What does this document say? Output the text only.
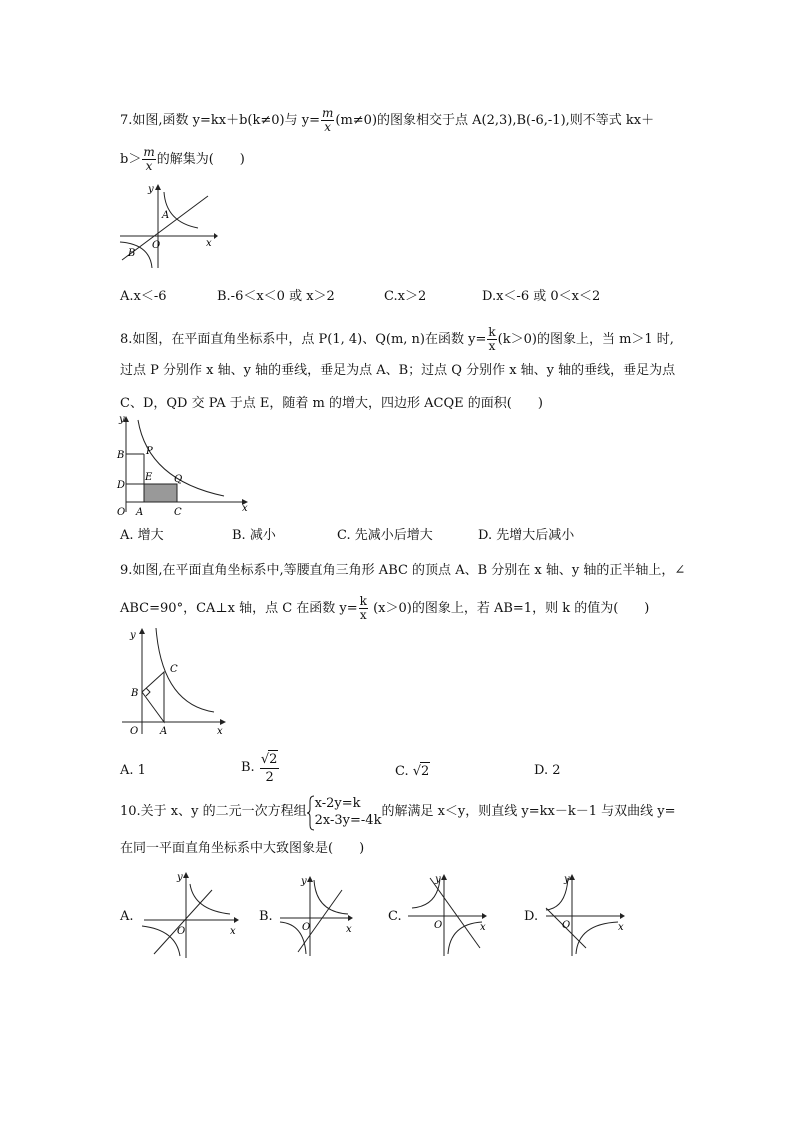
7.如图,函数 y=kx＋b(k≠0)与 $y= \frac{m}{x} (m\ne 0)$的图象相交于点 A(2,3),B(-6,-1),则不等式 kx＋
$b> \frac{m}{x}$ 的解集为(　　)
y
x
O
A
B
A.x＜-6	B.-6＜x＜0 或 x＞2	C.x＞2	D.x＜-6 或 0＜x＜2
8.如图，在平面直角坐标系中，点 P(1, 4)、Q(m, n)在函数 $y= \frac{k}{x} (k>0)$的图象上，当 m＞1 时,
过点 P 分别作 x 轴、y 轴的垂线，垂足为点 A、B；过点 Q 分别作 x 轴、y 轴的垂线，垂足为点
C、D，QD 交 PA 于点 E，随着 m 的增大，四边形 ACQE 的面积(　　)
y
x
O A
B
C
D
E
P
Q
A. 增大	B. 减小	C. 先减小后增大	D. 先增大后减小
9.如图,在平面直角坐标系中,等腰直角三角形 ABC 的顶点 A、B 分别在 x 轴、y 轴的正半轴上，∠
ABC=90°，CA⊥x 轴，点 C 在函数 $y= \frac{k}{x} (x>0)$的图象上，若 AB=1，则 k 的值为(　　)
y
x
O A
B
C
A. 1	B. $\frac{√2}{2}$	C. √2	D. 2
10.关于 x、y 的二元一次方程组
x-2y=k
2x-3y=-4k
的解满足 x＜y，则直线 y=kx－k－1 与双曲线 y=
在同一平面直角坐标系中大致图象是(　　)
A.
y
x
O
B.
y
x
O
C.
y
x
O
D.
y
x
O
